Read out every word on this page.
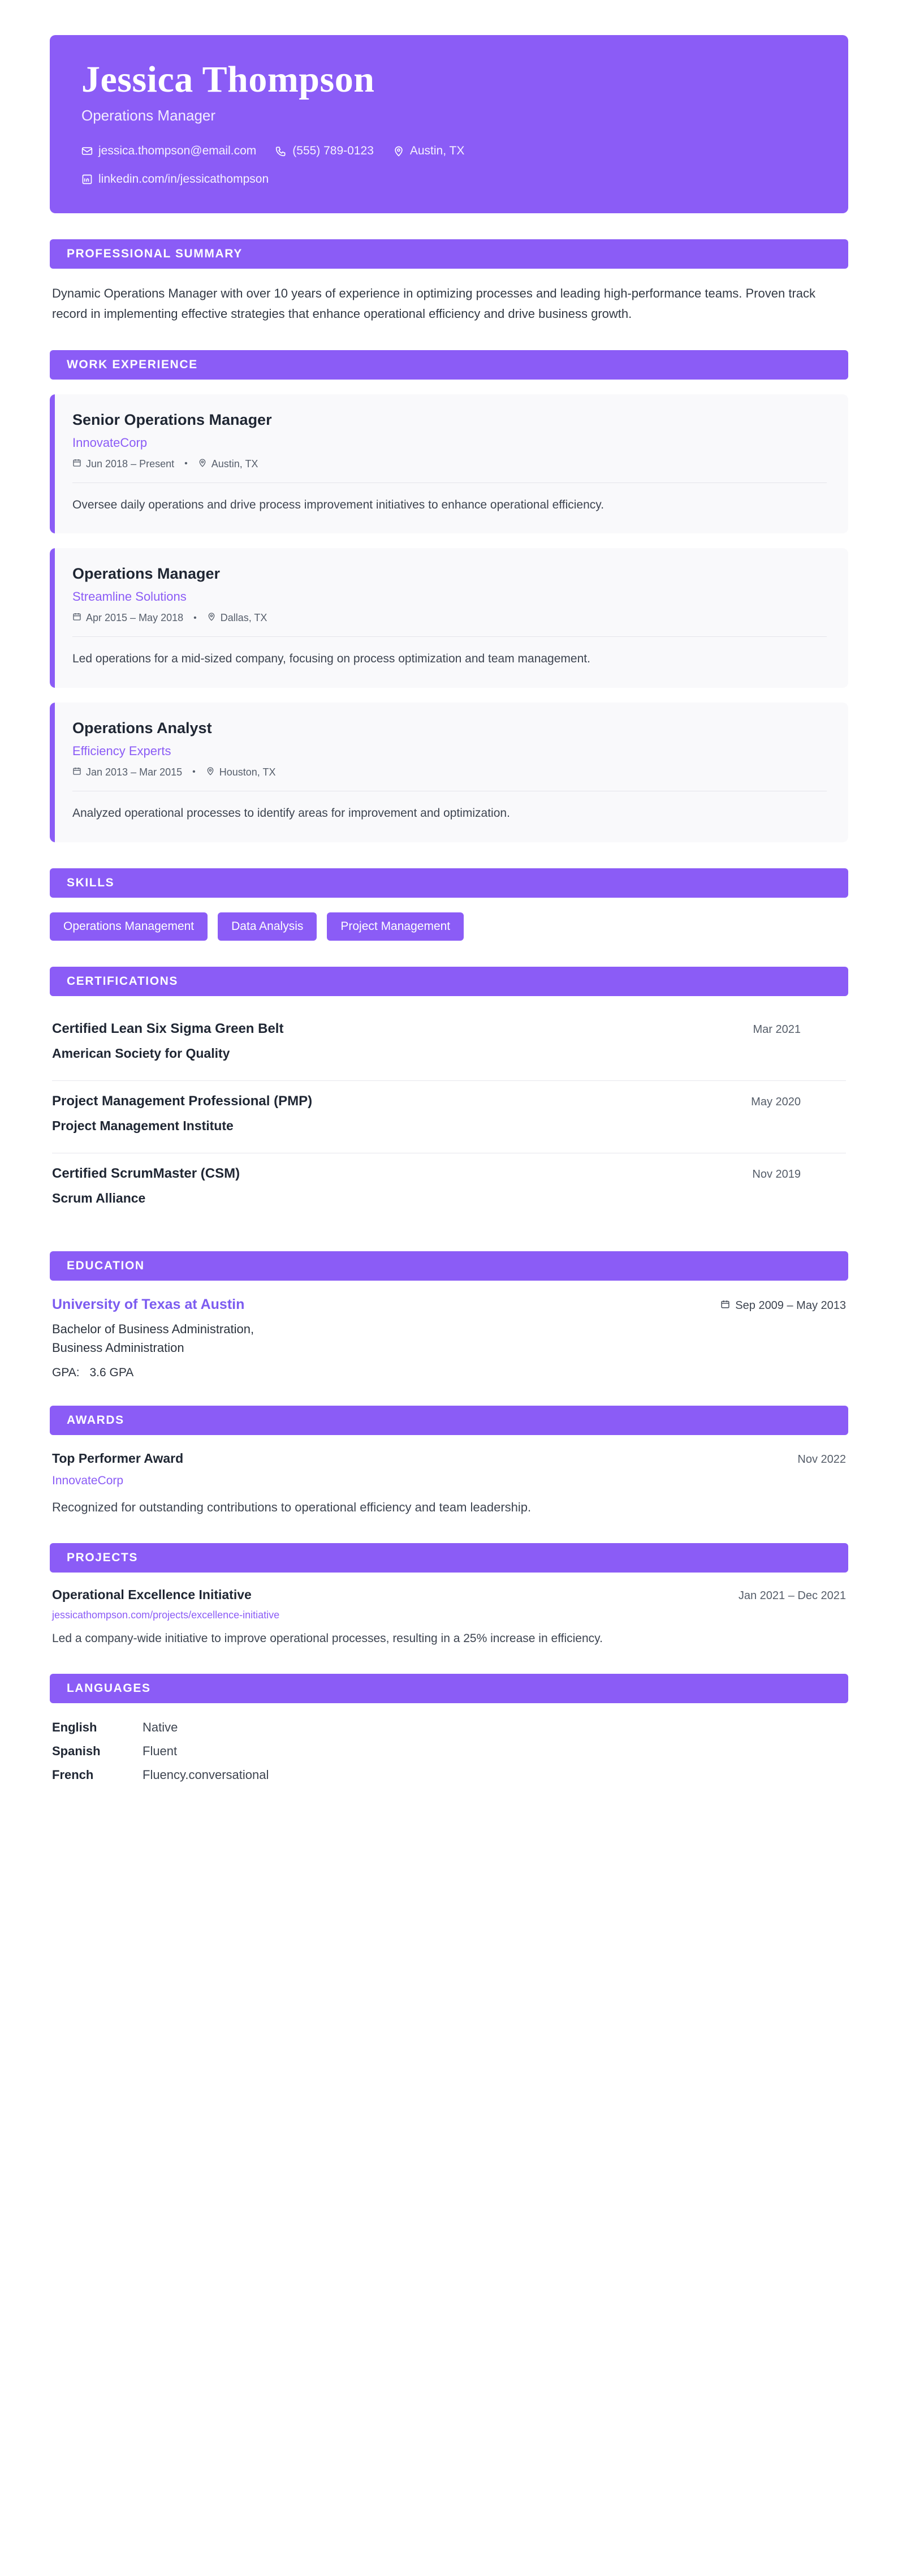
Jessica Thompson
Operations Manager
jessica.thompson@email.com	(555) 789-0123	Austin, TX
linkedin.com/in/jessicathompson
PROFESSIONAL SUMMARY
Dynamic Operations Manager with over 10 years of experience in optimizing processes and leading high-performance teams. Proven track record in implementing effective strategies that enhance operational efficiency and drive business growth.
WORK EXPERIENCE
Senior Operations Manager
InnovateCorp
Jun 2018 – Present	•	Austin, TX
Oversee daily operations and drive process improvement initiatives to enhance operational efficiency.
Operations Manager
Streamline Solutions
Apr 2015 – May 2018	•	Dallas, TX
Led operations for a mid-sized company, focusing on process optimization and team management.
Operations Analyst
Efficiency Experts
Jan 2013 – Mar 2015	•	Houston, TX
Analyzed operational processes to identify areas for improvement and optimization.
SKILLS
Operations Management	Data Analysis	Project Management
CERTIFICATIONS
Certified Lean Six Sigma Green Belt	Mar 2021
American Society for Quality
Project Management Professional (PMP)	May 2020
Project Management Institute
Certified ScrumMaster (CSM)	Nov 2019
Scrum Alliance
EDUCATION
University of Texas at Austin	Sep 2009 – May 2013
Bachelor of Business Administration,
Business Administration
GPA: 3.6 GPA
AWARDS
Top Performer Award	Nov 2022
InnovateCorp
Recognized for outstanding contributions to operational efficiency and team leadership.
PROJECTS
Operational Excellence Initiative	Jan 2021 – Dec 2021
jessicathompson.com/projects/excellence-initiative
Led a company-wide initiative to improve operational processes, resulting in a 25% increase in efficiency.
LANGUAGES
English	Native
Spanish	Fluent
French	Fluency.conversational
